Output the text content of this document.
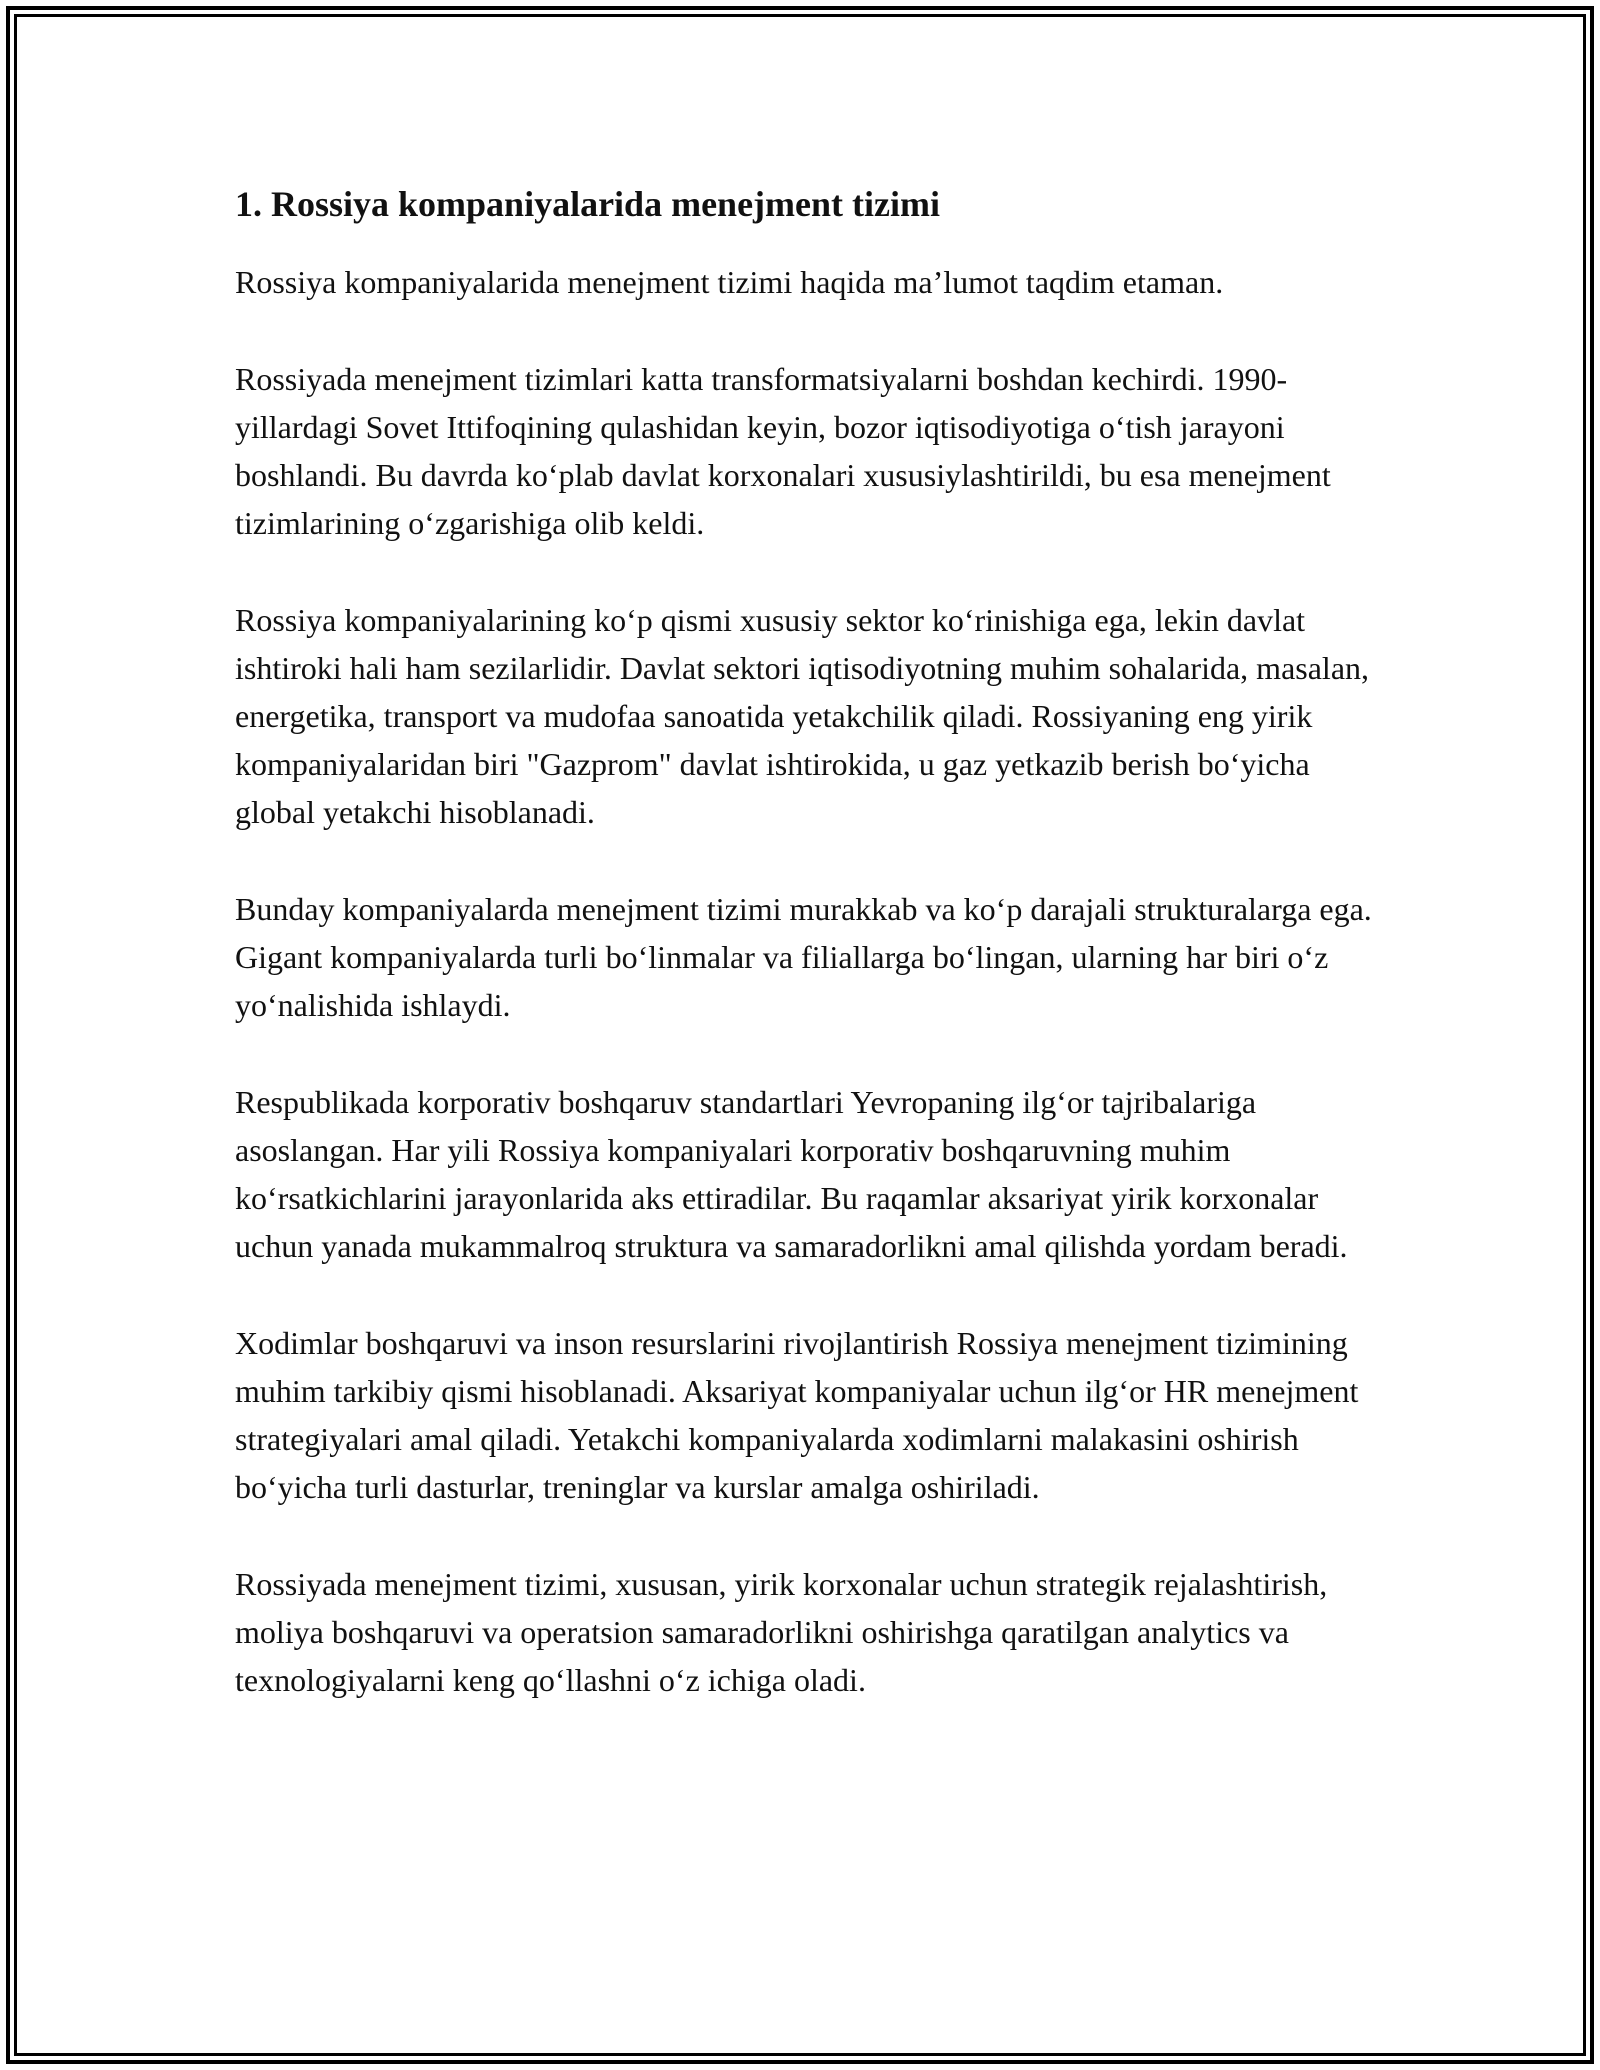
1. Rossiya kompaniyalarida menejment tizimi

Rossiya kompaniyalarida menejment tizimi haqida ma’lumot taqdim etaman.

Rossiyada menejment tizimlari katta transformatsiyalarni boshdan kechirdi. 1990-yillardagi Sovet Ittifoqining qulashidan keyin, bozor iqtisodiyotiga o‘tish jarayoni boshlandi. Bu davrda ko‘plab davlat korxonalari xususiylashtirildi, bu esa menejment tizimlarining o‘zgarishiga olib keldi.

Rossiya kompaniyalarining ko‘p qismi xususiy sektor ko‘rinishiga ega, lekin davlat ishtiroki hali ham sezilarlidir. Davlat sektori iqtisodiyotning muhim sohalarida, masalan, energetika, transport va mudofaa sanoatida yetakchilik qiladi. Rossiyaning eng yirik kompaniyalaridan biri "Gazprom" davlat ishtirokida, u gaz yetkazib berish bo‘yicha global yetakchi hisoblanadi.

Bunday kompaniyalarda menejment tizimi murakkab va ko‘p darajali strukturalarga ega. Gigant kompaniyalarda turli bo‘linmalar va filiallarga bo‘lingan, ularning har biri o‘z yo‘nalishida ishlaydi.

Respublikada korporativ boshqaruv standartlari Yevropaning ilg‘or tajribalariga asoslangan. Har yili Rossiya kompaniyalari korporativ boshqaruvning muhim ko‘rsatkichlarini jarayonlarida aks ettiradilar. Bu raqamlar aksariyat yirik korxonalar uchun yanada mukammalroq struktura va samaradorlikni amal qilishda yordam beradi.

Xodimlar boshqaruvi va inson resurslarini rivojlantirish Rossiya menejment tizimining muhim tarkibiy qismi hisoblanadi. Aksariyat kompaniyalar uchun ilg‘or HR menejment strategiyalari amal qiladi. Yetakchi kompaniyalarda xodimlarni malakasini oshirish bo‘yicha turli dasturlar, treninglar va kurslar amalga oshiriladi.

Rossiyada menejment tizimi, xususan, yirik korxonalar uchun strategik rejalashtirish, moliya boshqaruvi va operatsion samaradorlikni oshirishga qaratilgan analytics va texnologiyalarni keng qo‘llashni o‘z ichiga oladi.
